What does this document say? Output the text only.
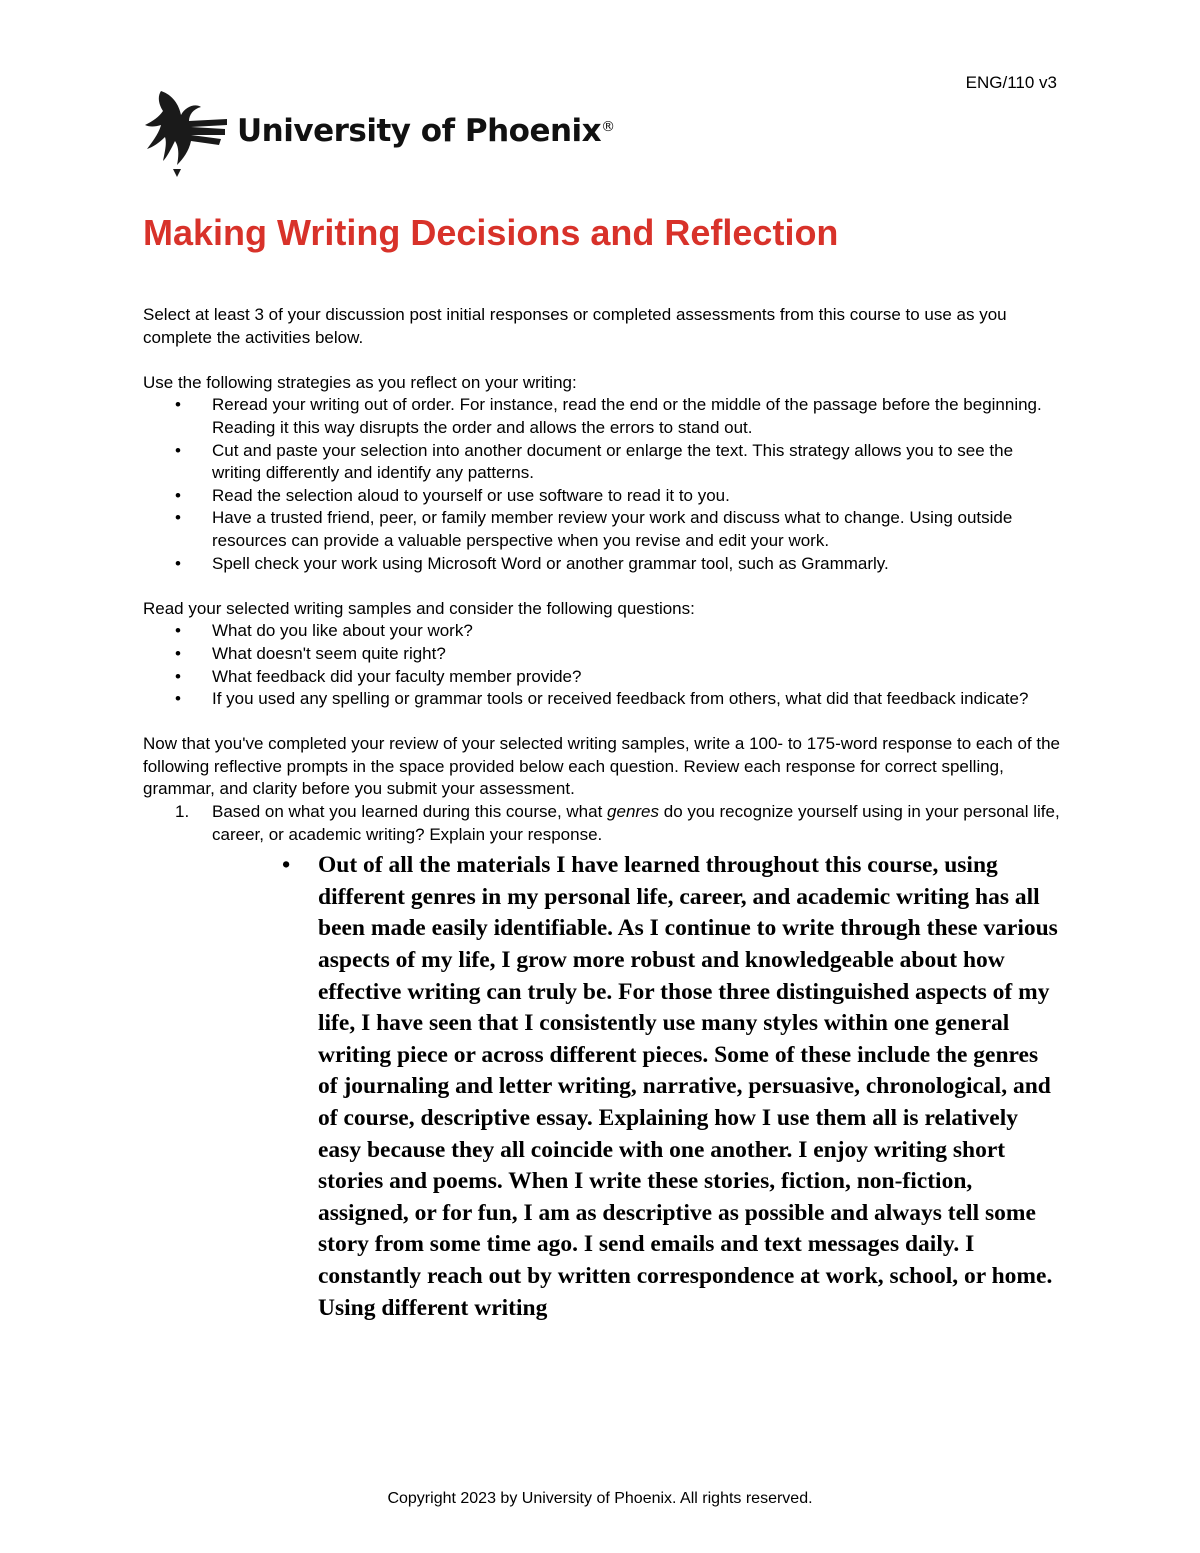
ENG/110 v3
University of Phoenix®
Making Writing Decisions and Reflection

Select at least 3 of your discussion post initial responses or completed assessments from this course to use as you complete the activities below.

Use the following strategies as you reflect on your writing:

• Reread your writing out of order. For instance, read the end or the middle of the passage before the beginning. Reading it this way disrupts the order and allows the errors to stand out.
• Cut and paste your selection into another document or enlarge the text. This strategy allows you to see the writing differently and identify any patterns.
• Read the selection aloud to yourself or use software to read it to you.
• Have a trusted friend, peer, or family member review your work and discuss what to change. Using outside resources can provide a valuable perspective when you revise and edit your work.
• Spell check your work using Microsoft Word or another grammar tool, such as Grammarly.

Read your selected writing samples and consider the following questions:

• What do you like about your work?
• What doesn't seem quite right?
• What feedback did your faculty member provide?
• If you used any spelling or grammar tools or received feedback from others, what did that feedback indicate?

Now that you've completed your review of your selected writing samples, write a 100- to 175-word response to each of the following reflective prompts in the space provided below each question. Review each response for correct spelling, grammar, and clarity before you submit your assessment.

1. Based on what you learned during this course, what genres do you recognize yourself using in your personal life, career, or academic writing? Explain your response.
• Out of all the materials I have learned throughout this course, using different genres in my personal life, career, and academic writing has all been made easily identifiable. As I continue to write through these various aspects of my life, I grow more robust and knowledgeable about how effective writing can truly be. For those three distinguished aspects of my life, I have seen that I consistently use many styles within one general writing piece or across different pieces. Some of these include the genres of journaling and letter writing, narrative, persuasive, chronological, and of course, descriptive essay. Explaining how I use them all is relatively easy because they all coincide with one another. I enjoy writing short stories and poems. When I write these stories, fiction, non-fiction, assigned, or for fun, I am as descriptive as possible and always tell some story from some time ago. I send emails and text messages daily. I constantly reach out by written correspondence at work, school, or home. Using different writing
Copyright 2023 by University of Phoenix. All rights reserved.
